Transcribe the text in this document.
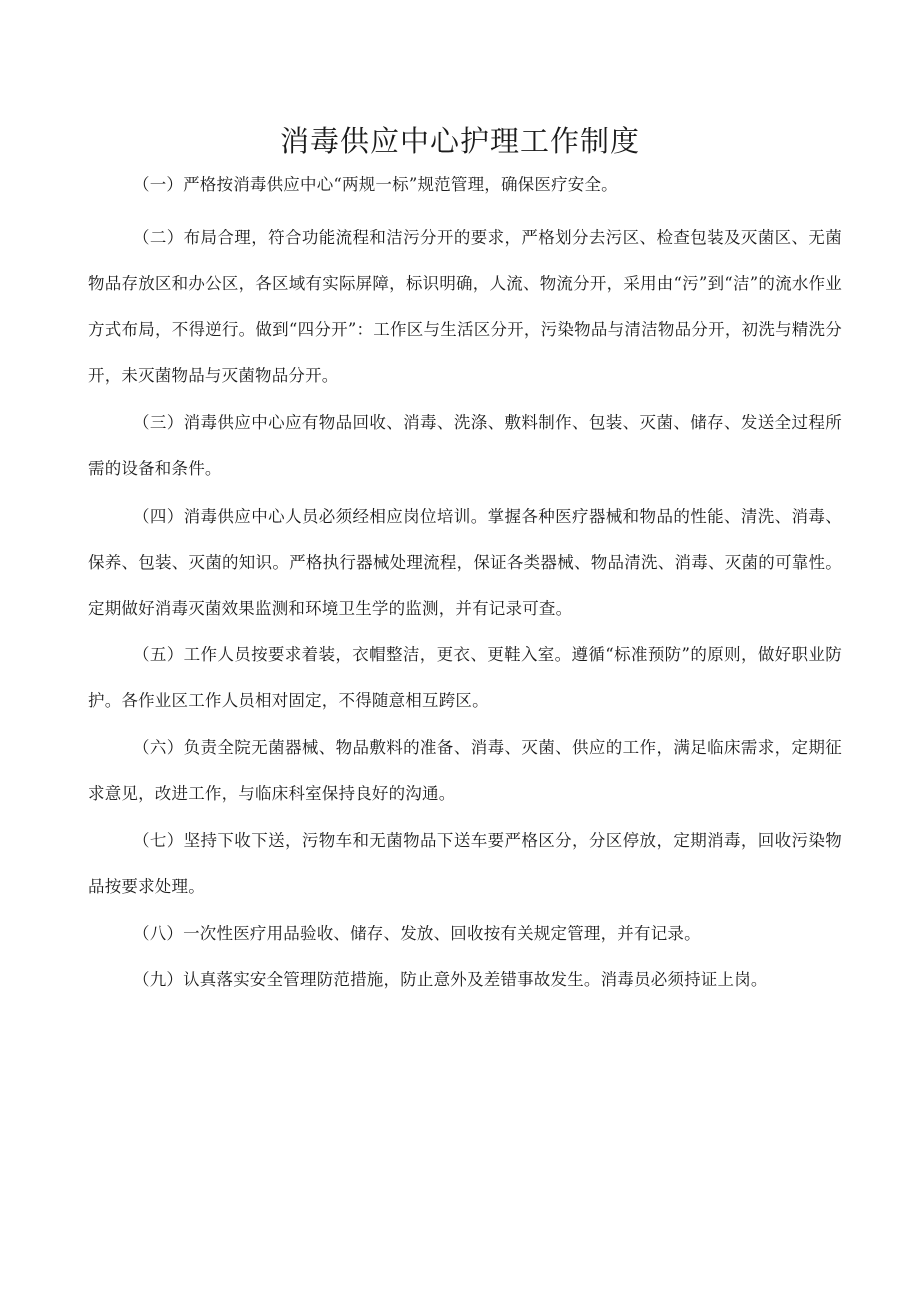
消毒供应中心护理工作制度

（一）严格按消毒供应中心“两规一标”规范管理，确保医疗安全。

（二）布局合理，符合功能流程和洁污分开的要求，严格划分去污区、检查包装及灭菌区、无菌物品存放区和办公区，各区域有实际屏障，标识明确，人流、物流分开，采用由“污”到“洁”的流水作业方式布局，不得逆行。做到“四分开”：工作区与生活区分开，污染物品与清洁物品分开，初洗与精洗分开，未灭菌物品与灭菌物品分开。

（三）消毒供应中心应有物品回收、消毒、洗涤、敷料制作、包装、灭菌、储存、发送全过程所需的设备和条件。

（四）消毒供应中心人员必须经相应岗位培训。掌握各种医疗器械和物品的性能、清洗、消毒、保养、包装、灭菌的知识。严格执行器械处理流程，保证各类器械、物品清洗、消毒、灭菌的可靠性。定期做好消毒灭菌效果监测和环境卫生学的监测，并有记录可查。

（五）工作人员按要求着装，衣帽整洁，更衣、更鞋入室。遵循“标准预防”的原则，做好职业防护。各作业区工作人员相对固定，不得随意相互跨区。

（六）负责全院无菌器械、物品敷料的准备、消毒、灭菌、供应的工作，满足临床需求，定期征求意见，改进工作，与临床科室保持良好的沟通。

（七）坚持下收下送，污物车和无菌物品下送车要严格区分，分区停放，定期消毒，回收污染物品按要求处理。

（八）一次性医疗用品验收、储存、发放、回收按有关规定管理，并有记录。

（九）认真落实安全管理防范措施，防止意外及差错事故发生。消毒员必须持证上岗。
